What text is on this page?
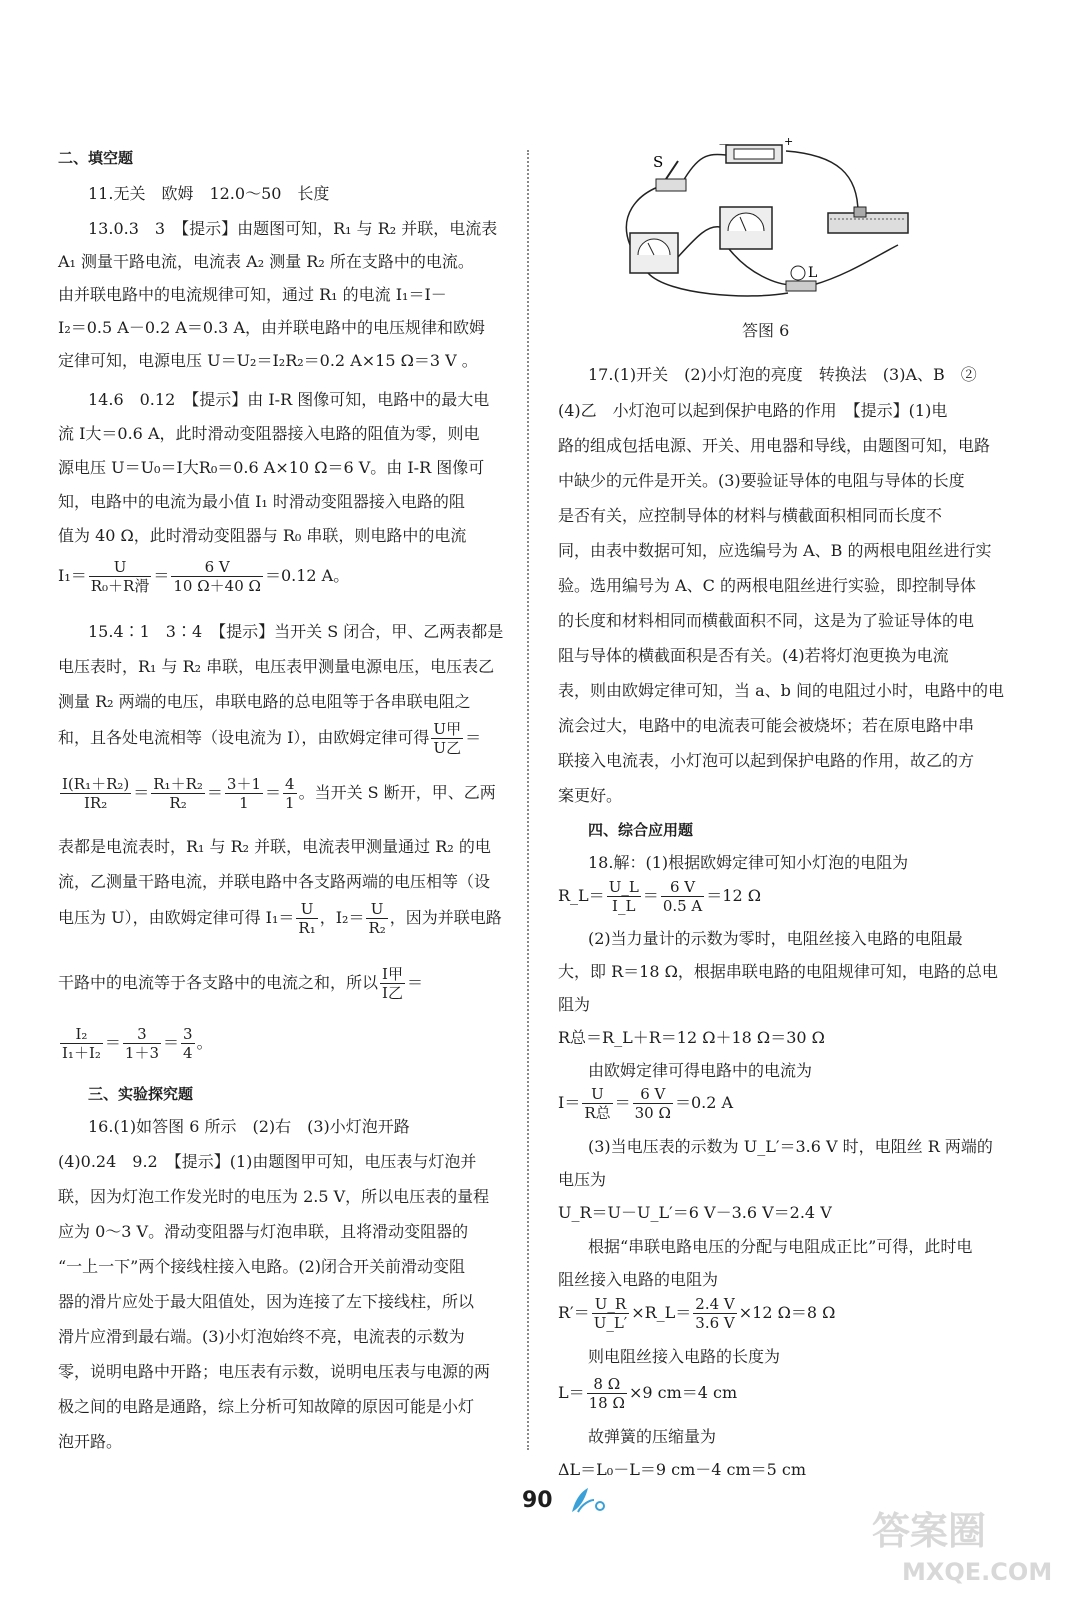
二、填空题
11.无关　欧姆　12.0～50　长度
13.0.3　3　【提示】由题图可知，R₁ 与 R₂ 并联，电流表
A₁ 测量干路电流，电流表 A₂ 测量 R₂ 所在支路中的电流。
由并联电路中的电流规律可知，通过 R₁ 的电流 I₁＝I－
I₂＝0.5 A－0.2 A＝0.3 A，由并联电路中的电压规律和欧姆
定律可知，电源电压 U＝U₂＝I₂R₂＝0.2 A×15 Ω＝3 V 。
14.6　0.12　【提示】由 I-R 图像可知，电路中的最大电
流 I大＝0.6 A，此时滑动变阻器接入电路的阻值为零，则电
源电压 U＝U₀＝I大R₀＝0.6 A×10 Ω＝6 V。由 I-R 图像可
知，电路中的电流为最小值 I₁ 时滑动变阻器接入电路的阻
值为 40 Ω，此时滑动变阻器与 R₀ 串联，则电路中的电流
$I_1= \frac{U}{\text{R₀＋R滑}} = \frac{6 V}{10 \Omega+40 \Omega} =0.12$ A。
15.4∶1　3∶4　【提示】当开关 S 闭合，甲、乙两表都是
电压表时，R₁ 与 R₂ 串联，电压表甲测量电源电压，电压表乙
测量 R₂ 两端的电压，串联电路的总电阻等于各串联电阻之
和，且各处电流相等（设电流为 I），由欧姆定律可得 $\frac{\text{U甲}}{\text{U乙}}$ ＝
$\frac{\text{I(R₁＋R₂)}}{\text{IR₂}} = \frac{\text{R₁＋R₂}}{\text{R₂}} = \frac{3+1}{1} = \frac{4}{1}$ 。当开关 S 断开，甲、乙两
表都是电流表时，R₁ 与 R₂ 并联，电流表甲测量通过 R₂ 的电
流，乙测量干路电流，并联电路中各支路两端的电压相等（设
电压为 U），由欧姆定律可得 $I_1= \frac{U}{\text{R₁}}$ ，$I_2= \frac{U}{\text{R₂}}$ ，因为并联电路
干路中的电流等于各支路中的电流之和，所以 $\frac{\text{I甲}}{\text{I乙}}$ ＝
$\frac{\text{I₂}}{\text{I₁＋I₂}} = \frac{3}{1+3} = \frac{3}{4}$ 。
三、实验探究题
16.(1)如答图 6 所示　(2)右　(3)小灯泡开路
(4)0.24　9.2　【提示】(1)由题图甲可知，电压表与灯泡并
联，因为灯泡工作发光时的电压为 2.5 V，所以电压表的量程
应为 0～3 V。滑动变阻器与灯泡串联，且将滑动变阻器的
“一上一下”两个接线柱接入电路。(2)闭合开关前滑动变阻
器的滑片应处于最大阻值处，因为连接了左下接线柱，所以
滑片应滑到最右端。(3)小灯泡始终不亮，电流表的示数为
零，说明电路中开路；电压表有示数，说明电压表与电源的两
极之间的电路是通路，综上分析可知故障的原因可能是小灯
泡开路。
－	+
S
L
答图 6
17.(1)开关　(2)小灯泡的亮度　转换法　(3)A、B　②
(4)乙　小灯泡可以起到保护电路的作用　【提示】(1)电
路的组成包括电源、开关、用电器和导线，由题图可知，电路
中缺少的元件是开关。(3)要验证导体的电阻与导体的长度
是否有关，应控制导体的材料与横截面积相同而长度不
同，由表中数据可知，应选编号为 A、B 的两根电阻丝进行实
验。选用编号为 A、C 的两根电阻丝进行实验，即控制导体
的长度和材料相同而横截面积不同，这是为了验证导体的电
阻与导体的横截面积是否有关。(4)若将灯泡更换为电流
表，则由欧姆定律可知，当 a、b 间的电阻过小时，电路中的电
流会过大，电路中的电流表可能会被烧坏；若在原电路中串
联接入电流表，小灯泡可以起到保护电路的作用，故乙的方
案更好。
四、综合应用题
18.解：(1)根据欧姆定律可知小灯泡的电阻为
R_L＝ $\frac{U\_L}{I\_L} = \frac{6 V}{0.5 A} =12$ Ω
(2)当力量计的示数为零时，电阻丝接入电路的电阻最
大，即 R＝18 Ω，根据串联电路的电阻规律可知，电路的总电
阻为
R总＝R_L＋R＝12 Ω＋18 Ω＝30 Ω
由欧姆定律可得电路中的电流为
$I= \frac{U}{\text{R总}} = \frac{6 V}{30 \Omega} =0.2$ A
(3)当电压表的示数为 U_L′＝3.6 V 时，电阻丝 R 两端的
电压为
U_R＝U－U_L′＝6 V－3.6 V＝2.4 V
根据“串联电路电压的分配与电阻成正比”可得，此时电
阻丝接入电路的电阻为
$R'= \frac{U\_R}{U\_L'}$ ×R_L＝ $\frac{2.4 V}{3.6 V} \times 12$ Ω＝8 Ω
则电阻丝接入电路的长度为
$L= \frac{8 \Omega}{18 \Omega} \times 9$ cm＝4 cm
故弹簧的压缩量为
ΔL＝L₀－L＝9 cm－4 cm＝5 cm
90
答案圈
MXQE.COM
